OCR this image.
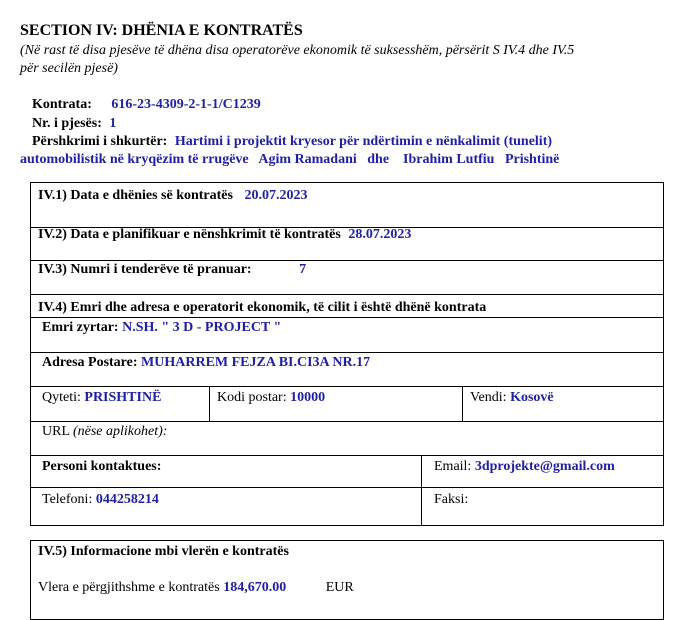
SECTION IV: DHËNIA E KONTRATËS
(Në rast të disa pjesëve të dhëna disa operatorëve ekonomik të suksesshëm, përsërit S IV.4 dhe IV.5
për secilën pjesë)
Kontrata: 616-23-4309-2-1-1/C1239
Nr. i pjesës: 1
Përshkrimi i shkurtër: Hartimi i projektit kryesor për ndërtimin e nënkalimit (tunelit)
automobilistik në kryqëzim të rrugëve   Agim Ramadani   dhe    Ibrahim Lutfiu   Prishtinë
IV.1) Data e dhënies së kontratës 20.07.2023
IV.2) Data e planifikuar e nënshkrimit të kontratës 28.07.2023
IV.3) Numri i tenderëve të pranuar:	7
IV.4) Emri dhe adresa e operatorit ekonomik, të cilit i është dhënë kontrata
Emri zyrtar: N.SH. " 3 D - PROJECT "
Adresa Postare: MUHARREM FEJZA BI.CI3A NR.17
Qyteti: PRISHTINË	Kodi postar: 10000	Vendi: Kosovë
URL (nëse aplikohet):
Personi kontaktues:	Email: 3dprojekte@gmail.com
Telefoni: 044258214	Faksi:
IV.5) Informacione mbi vlerën e kontratës
Vlera e përgjithshme e kontratës 184,670.00	EUR
